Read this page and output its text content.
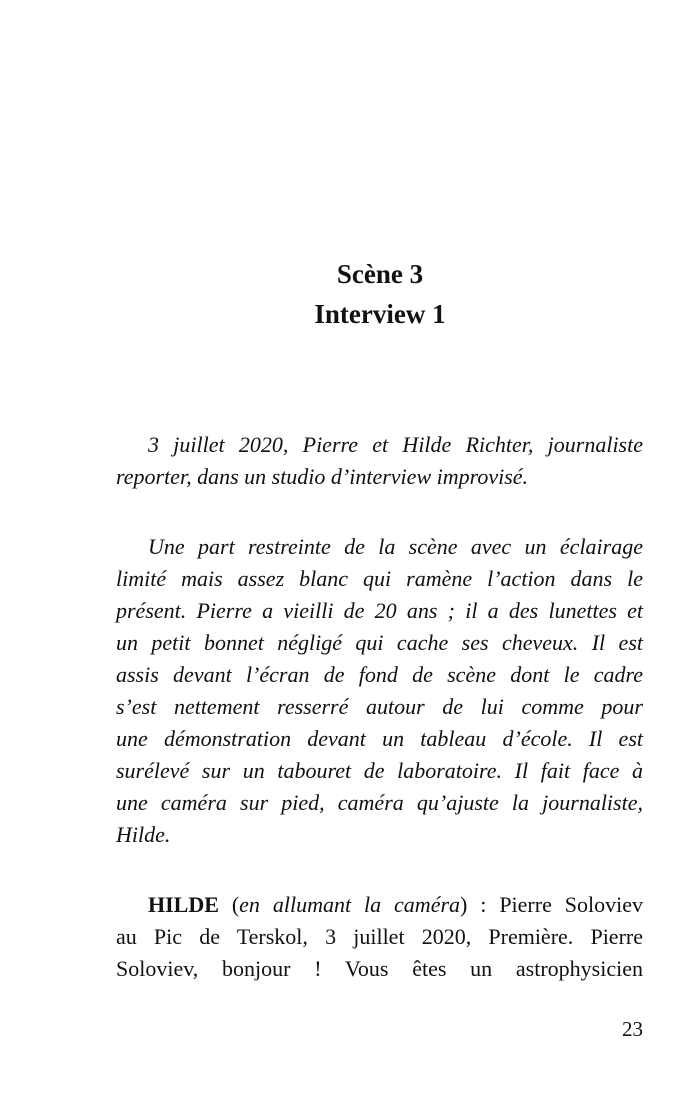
Scène 3
Interview 1
3 juillet 2020, Pierre et Hilde Richter, journaliste
reporter, dans un studio d’interview improvisé.
Une part restreinte de la scène avec un éclairage
limité mais assez blanc qui ramène l’action dans le
présent. Pierre a vieilli de 20 ans ; il a des lunettes et
un petit bonnet négligé qui cache ses cheveux. Il est
assis devant l’écran de fond de scène dont le cadre
s’est nettement resserré autour de lui comme pour
une démonstration devant un tableau d’école. Il est
surélevé sur un tabouret de laboratoire. Il fait face à
une caméra sur pied, caméra qu’ajuste la journaliste,
Hilde.
HILDE (en allumant la caméra) : Pierre Soloviev
au Pic de Terskol, 3 juillet 2020, Première. Pierre
Soloviev, bonjour ! Vous êtes un astrophysicien
23
